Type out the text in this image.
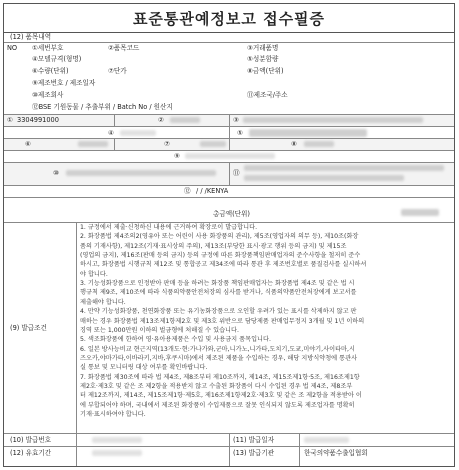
표준통관예정보고 접수필증
(12) 품목내역
NO ①세번부호	②품목코드	③거래품명
④모델규격(형명)	⑤성분함량
⑥수량(단위)	⑦단가	⑧금액(단위)
⑨제조번호 / 제조일자
⑩제조회사	⑪제조국/주소
⑫BSE 기원동물 / 추출부위 / Batch No / 원산지
① 3304991000	②	③
④	⑤
⑥	⑦	⑧
⑨
⑩	⑪
⑫ / / /KENYA
총금액(단위)
(9) 발급조건
1. 규정에서 제출·신청하신 내용에 근거하여 확장로이 발급합니다.
2. 화장품법 제4조의2(영유아 또는 어린이 사용 화장품의 관리), 제5조(영업자의 의무 등), 제10조(화장
품의 기재사항), 제12조(기재·표시상의 주의), 제13조(부당한 표시·광고 행위 등의 금지) 및 제15조
(영업의 금지), 제16조(판매 등의 금지) 등의 규정에 따른 화장품책임판매업자의 준수사항을 철저히 준수
하시고, 화장품법 시행규칙 제12조 및 통합공고 제34조에 따라 통관 후 제조번호별로 품질검사를 실시하셔
야 합니다.
3. 기능성화장품으로 인정받아 판매 등을 하려는 화장품 책임판매업자는 화장품법 제4조 및 같은 법 시
행규칙 제9조, 제10조에 따라 식품의약품안전처장의 심사를 받거나, 식품의약품안전처장에게 보고서를
제출해야 합니다.
4. 만약 기능성화장품, 천연화장품 또는 유기농화장품으로 오인할 우려가 있는 표시를 삭제하지 않고 판
매하는 경우 화장품법 제13조제1항제2호 및 제3호 위반으로 담당제품 판매업무정지 3개월 및 1년 이하의
징역 또는 1,000만원 이하의 벌금형에 처해질 수 있습니다.
5. 색조화장품에 한하여 영·유아용제품은 수입 및 사용금지 품목입니다.
6. 일본 방사능비교 현근지역(13개도·현:가나가와,군마,니가노,니가타,도치기,도쿄,미야기,사이타마,시
즈오카,야마가타,이바라키,지바,후쿠시마)에서 제조된 제품을 수입하는 경우, 해당 지방식약청에 통관사
실 통보 및 모니터링 대상 여부를 확인바랍니다.
7. 화장품법 제30조에 따라 법 제4조, 제8조부터 제10조까지, 제14조, 제15조제1항·5조, 제16조제1항
제2호·제3호 및 같은 조 제2항을 적용받지 않고 수출된 화장품이 다시 수입된 경우 법 제4조, 제8조부
터 제12조까지, 제14조, 제15조제1항·제5호, 제16조제1항제2호·제3호 및 같은 조 제2항을 적용받아 이
에 부합되어야 하며, 국내에서 제조된 화장품이 수입제품으로 잘못 인식되지 않도록 제조업자를 명확히
기재·표시하여야 합니다.
(10) 발급번호	(11) 발급일자
(12) 유효기간	(13) 발급기관	한국의약품수출입협회
